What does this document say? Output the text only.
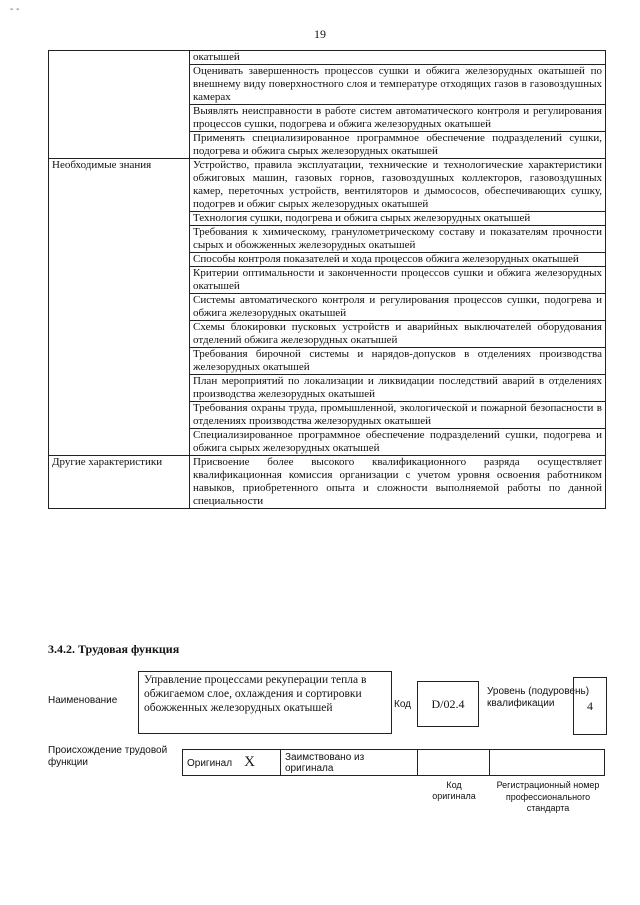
- -
19
	окатышей
	Оценивать завершенность процессов сушки и обжига железорудных окатышей по внешнему виду поверхностного слоя и температуре отходящих газов в газовоздушных камерах
	Выявлять неисправности в работе систем автоматического контроля и регулирования процессов сушки, подогрева и обжига железорудных окатышей
	Применять специализированное программное обеспечение подразделений сушки, подогрева и обжига сырых железорудных окатышей
Необходимые знания	Устройство, правила эксплуатации, технические и технологические характеристики обжиговых машин, газовых горнов, газовоздушных коллекторов, газовоздушных камер, переточных устройств, вентиляторов и дымососов, обеспечивающих сушку, подогрев и обжиг сырых железорудных окатышей
	Технология сушки, подогрева и обжига сырых железорудных окатышей
	Требования к химическому, гранулометрическому составу и показателям прочности сырых и обожженных железорудных окатышей
	Способы контроля показателей и хода процессов обжига железорудных окатышей
	Критерии оптимальности и законченности процессов сушки и обжига железорудных окатышей
	Системы автоматического контроля и регулирования процессов сушки, подогрева и обжига железорудных окатышей
	Схемы блокировки пусковых устройств и аварийных выключателей оборудования отделений обжига железорудных окатышей
	Требования бирочной системы и нарядов-допусков в отделениях производства железорудных окатышей
	План мероприятий по локализации и ликвидации последствий аварий в отделениях производства железорудных окатышей
	Требования охраны труда, промышленной, экологической и пожарной безопасности в отделениях производства железорудных окатышей
	Специализированное программное обеспечение подразделений сушки, подогрева и обжига сырых железорудных окатышей
Другие характеристики	Присвоение более высокого квалификационного разряда осуществляет квалификационная комиссия организации с учетом уровня освоения работником навыков, приобретенного опыта и сложности выполняемой работы по данной специальности
3.4.2. Трудовая функция
Наименование
Управление процессами рекуперации тепла в обжигаемом слое, охлаждения и сортировки обожженных железорудных окатышей	Код	D/02.4
Уровень (подуровень) квалификации	4
Происхождение трудовой функции	Оригинал X	Заимствовано из оригинала		
Код оригинала
Регистрационный номер профессионального стандарта
